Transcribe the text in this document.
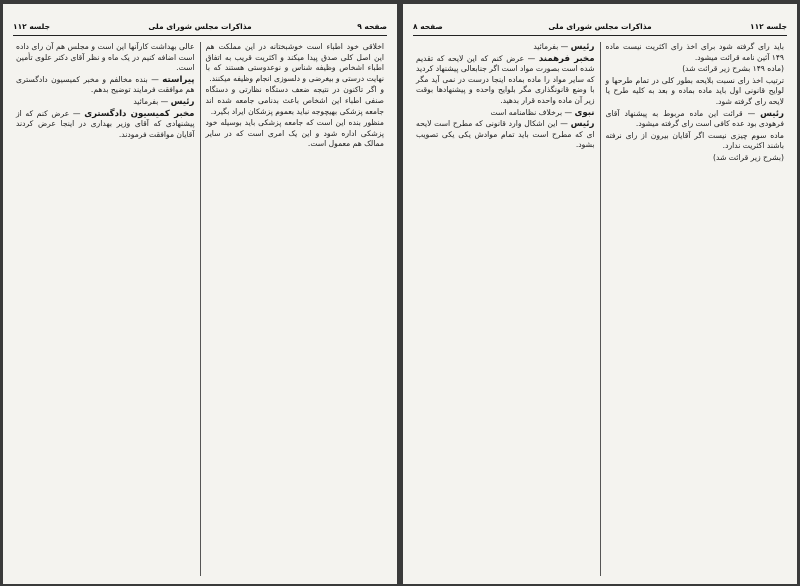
صفحه ۹
مذاکرات مجلس شورای ملی
جلسه ۱۱۲

اخلاقی خود اطباء است خوشبختانه در این مملکت هم این اصل کلی صدق پیدا میکند و اکثریت قریب به اتفاق اطباء اشخاص وظیفه شناس و نوعدوستی هستند که با نهایت درستی و بیغرضی و دلسوزی انجام وظیفه میکنند.

و اگر تاکنون در نتیجه ضعف دستگاه نظارتی و دستگاه صنفی اطباء این اشخاص باعث بدنامی جامعه شده اند جامعه پزشکی بهیچوجه نباید بعموم پزشکان ایراد بگیرد.

منظور بنده این است که جامعه پزشکی باید بوسیله خود پزشکی اداره شود و این یک امری است که در سایر ممالک هم معمول است.

عالی بهداشت کارآنها این است و مجلس هم آن رای داده است اضافه کنیم در یک ماه و نظر آقای دکتر علوی تأمین است.

پیراسته — بنده مخالفم و مخبر کمیسیون دادگستری هم موافقت فرمایند توضیح بدهم.

رئیس — بفرمائید

مخبر کمیسیون دادگستری — عرض کنم که از پیشنهادی که آقای وزیر بهداری در اینجا عرض کردند آقایان موافقت فرمودند.

جلسه ۱۱۲
مذاکرات مجلس شورای ملی
صفحه ۸

باید رای گرفته شود برای اخذ رای اکثریت نیست ماده ۱۴۹ آئین نامه قرائت میشود.

(ماده ۱۴۹ بشرح زیر قرائت شد)

ترتیب اخذ رای نسبت بلایحه بطور کلی در تمام طرحها و لوایح قانونی اول باید ماده بماده و بعد به کلیه طرح یا لایحه رای گرفته شود.

رئیس — قرائت این ماده مربوط به پیشنهاد آقای فرهودی بود عده کافی است رای گرفته میشود.

ماده سوم چیزی نیست اگر آقایان بیرون از رای نرفته باشند اکثریت ندارد.

(بشرح زیر قرائت شد)

رئیس — بفرمائید

مخبر فرهمند — عرض کنم که این لایحه که تقدیم شده است بصورت مواد است اگر جنابعالی پیشنهاد کردید که سایر مواد را ماده بماده اینجا درست در نمی آید مگر با وضع قانونگذاری مگر بلوایح واحده و پیشنهادها بوقت زیر آن ماده واحده قرار بدهید.

نبوی — برخلاف نظامنامه است

رئیس — این اشکال وارد قانونی که مطرح است لایحه ای که مطرح است باید تمام موادش یکی یکی تصویب بشود.
